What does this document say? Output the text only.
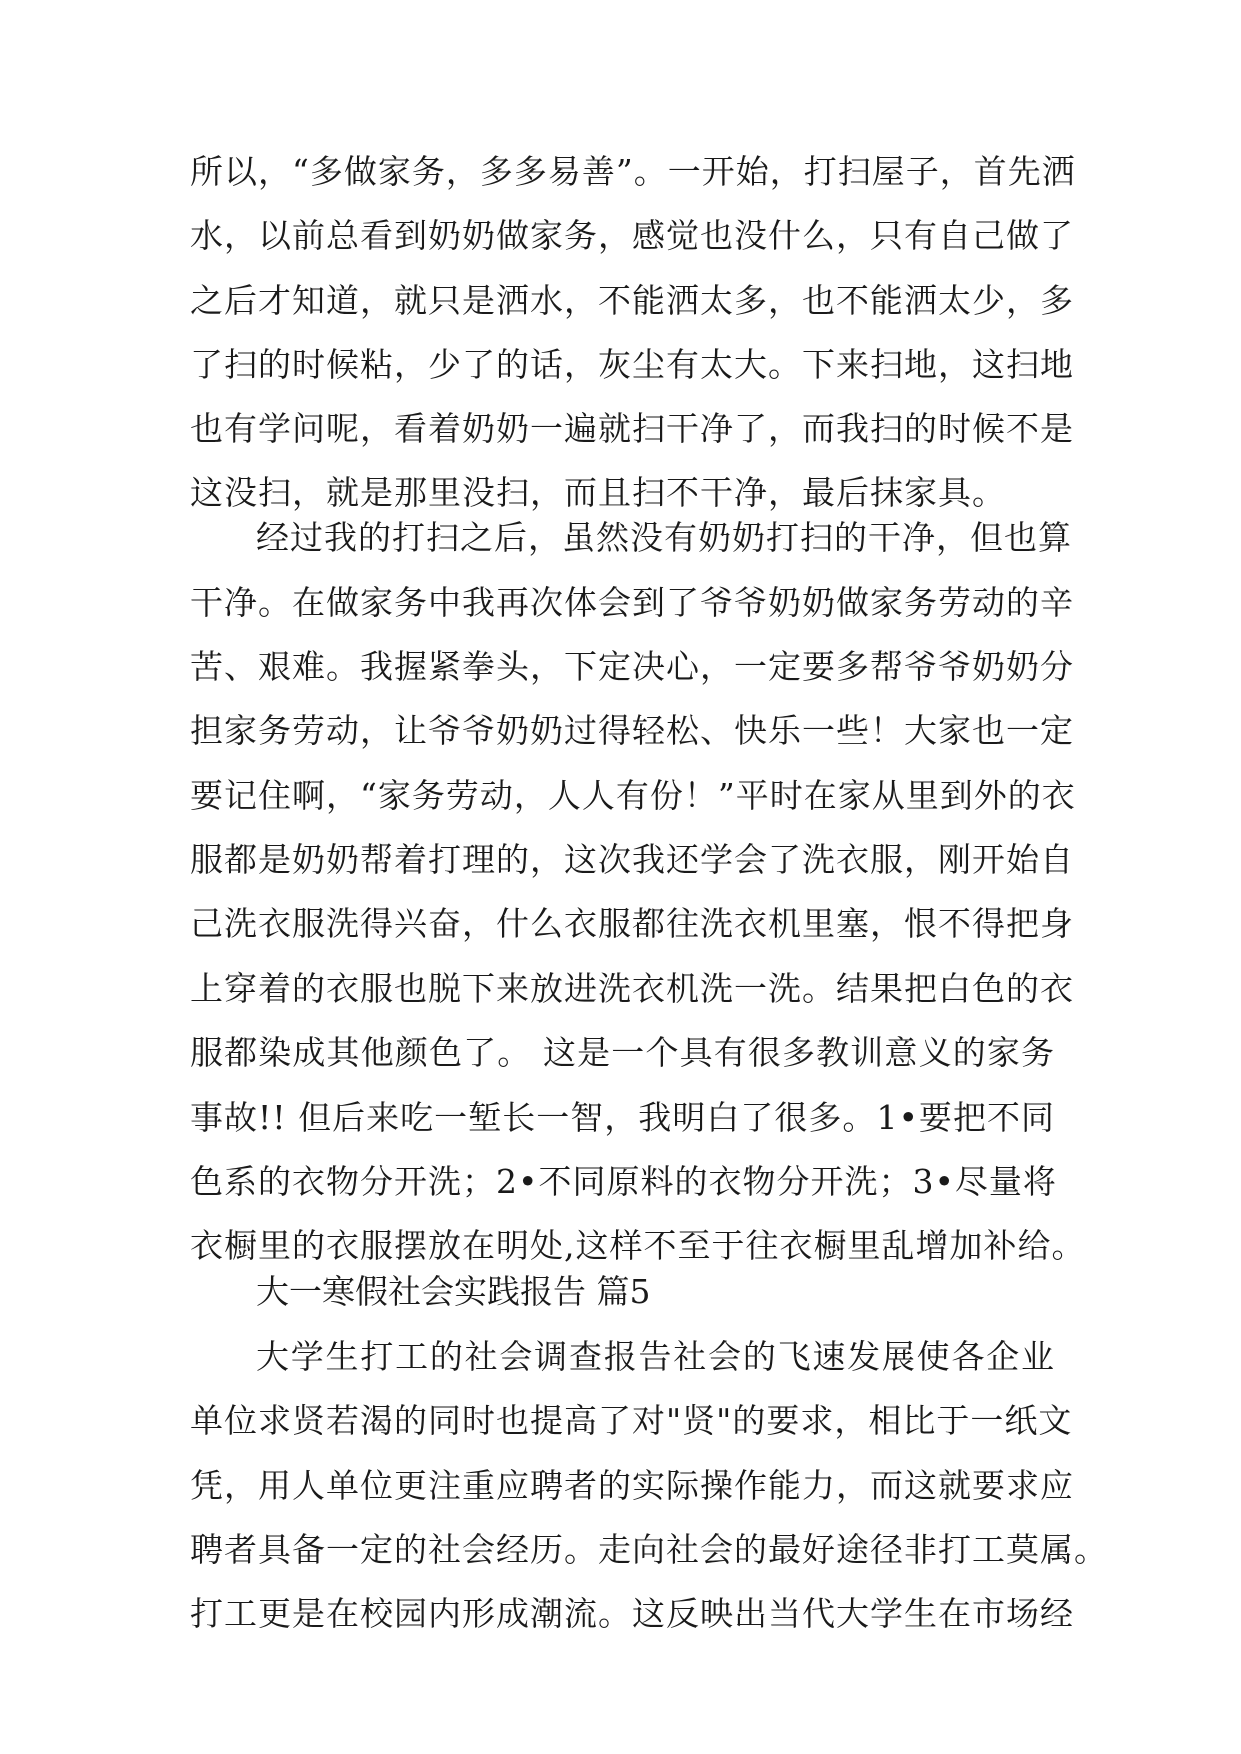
所以，“多做家务，多多易善”。一开始，打扫屋子，首先洒
水，以前总看到奶奶做家务，感觉也没什么，只有自己做了
之后才知道，就只是洒水，不能洒太多，也不能洒太少，多
了扫的时候粘，少了的话，灰尘有太大。下来扫地，这扫地
也有学问呢，看着奶奶一遍就扫干净了，而我扫的时候不是
这没扫，就是那里没扫，而且扫不干净，最后抹家具。
经过我的打扫之后，虽然没有奶奶打扫的干净，但也算
干净。在做家务中我再次体会到了爷爷奶奶做家务劳动的辛
苦、艰难。我握紧拳头，下定决心，一定要多帮爷爷奶奶分
担家务劳动，让爷爷奶奶过得轻松、快乐一些！大家也一定
要记住啊，“家务劳动，人人有份！”平时在家从里到外的衣
服都是奶奶帮着打理的，这次我还学会了洗衣服，刚开始自
己洗衣服洗得兴奋，什么衣服都往洗衣机里塞，恨不得把身
上穿着的衣服也脱下来放进洗衣机洗一洗。结果把白色的衣
服都染成其他颜色了。 这是一个具有很多教训意义的家务
事故!! 但后来吃一堑长一智，我明白了很多。1•要把不同
色系的衣物分开洗；2•不同原料的衣物分开洗；3•尽量将
衣橱里的衣服摆放在明处,这样不至于往衣橱里乱增加补给。
大一寒假社会实践报告 篇5
大学生打工的社会调查报告社会的飞速发展使各企业
单位求贤若渴的同时也提高了对"贤"的要求，相比于一纸文
凭，用人单位更注重应聘者的实际操作能力，而这就要求应
聘者具备一定的社会经历。走向社会的最好途径非打工莫属。
打工更是在校园内形成潮流。这反映出当代大学生在市场经
